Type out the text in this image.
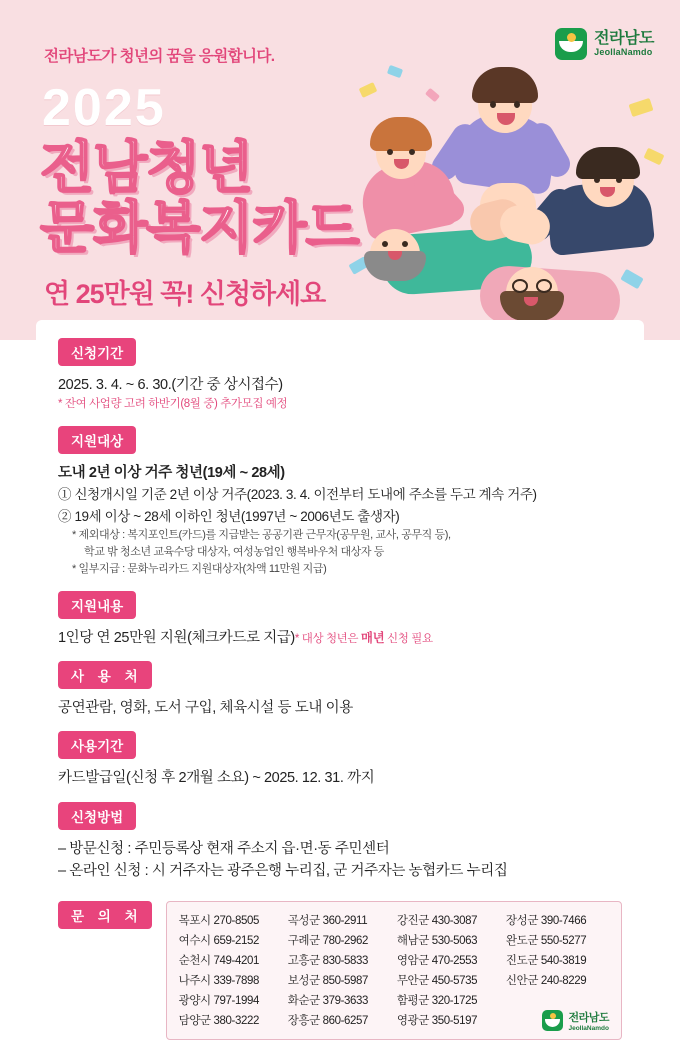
전라남도가 청년의 꿈을 응원합니다.
2025
전남청년
문화복지카드
연 25만원 꼭! 신청하세요
전라남도
JeollaNamdo
신청기간
2025. 3. 4. ~ 6. 30.(기간 중 상시접수)
* 잔여 사업량 고려 하반기(8월 중) 추가모집 예정
지원대상
도내 2년 이상 거주 청년(19세 ~ 28세)
① 신청개시일 기준 2년 이상 거주(2023. 3. 4. 이전부터 도내에 주소를 두고 계속 거주)
② 19세 이상 ~ 28세 이하인 청년(1997년 ~ 2006년도 출생자)
* 제외대상 : 복지포인트(카드)를 지급받는 공공기관 근무자(공무원, 교사, 공무직 등),
학교 밖 청소년 교육수당 대상자, 여성농업인 행복바우처 대상자 등
* 일부지급 : 문화누리카드 지원대상자(차액 11만원 지급)
지원내용
1인당 연 25만원 지원(체크카드로 지급)* 대상 청년은 매년 신청 필요
사 용 처
공연관람, 영화, 도서 구입, 체육시설 등 도내 이용
사용기간
카드발급일(신청 후 2개월 소요) ~ 2025. 12. 31. 까지
신청방법
– 방문신청 : 주민등록상 현재 주소지 읍·면·동 주민센터
– 온라인 신청 : 시 거주자는 광주은행 누리집, 군 거주자는 농협카드 누리집
문 의 처	목포시 270-8505	곡성군 360-2911	강진군 430-3087	장성군 390-7466
여수시 659-2152	구례군 780-2962	해남군 530-5063	완도군 550-5277
순천시 749-4201	고흥군 830-5833	영암군 470-2553	진도군 540-3819
나주시 339-7898	보성군 850-5987	무안군 450-5735	신안군 240-8229
광양시 797-1994	화순군 379-3633	함평군 320-1725
담양군 380-3222	장흥군 860-6257	영광군 350-5197	전라남도
JeollaNamdo
